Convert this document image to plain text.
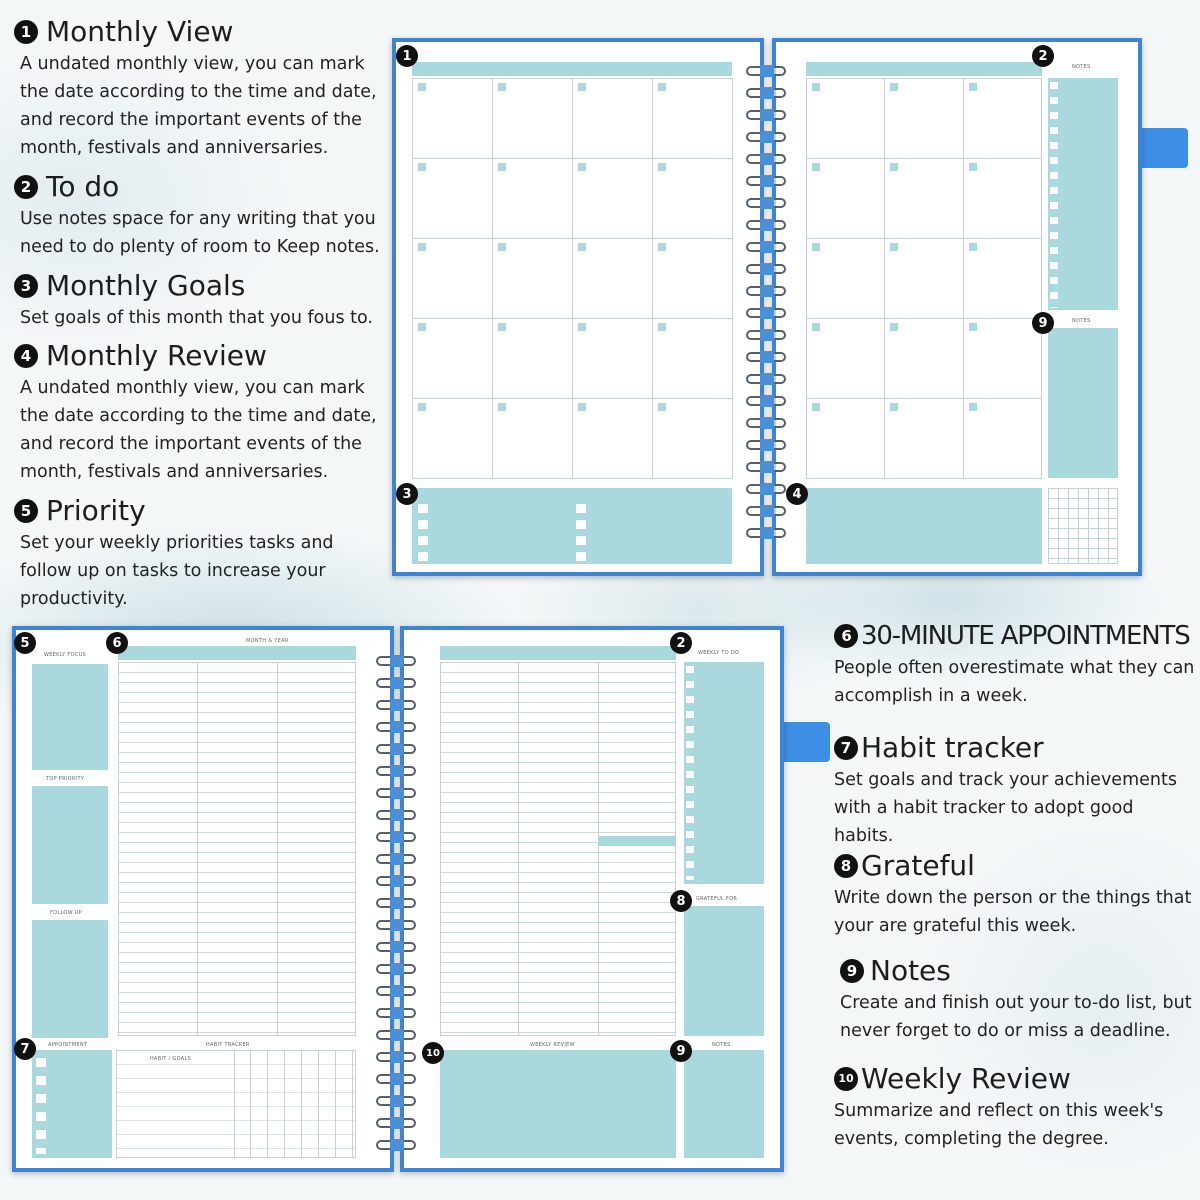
1 Monthly View
A undated monthly view, you can mark the date according to the time and date, and record the important events of the month, festivals and anniversaries.
2 To do
Use notes space for any writing that you need to do plenty of room to Keep notes.
3 Monthly Goals
Set goals of this month that you fous to.
4 Monthly Review
A undated monthly view, you can mark the date according to the time and date, and record the important events of the month, festivals and anniversaries.
5 Priority
Set your weekly priorities tasks and follow up on tasks to increase your productivity.
6 30-MINUTE APPOINTMENTS
People often overestimate what they can accomplish in a week.
7 Habit tracker
Set goals and track your achievements with a habit tracker to adopt good habits.
8 Grateful
Write down the person or the things that your are grateful this week.
9 Notes
Create and finish out your to-do list, but never forget to do or miss a deadline.
10 Weekly Review
Summarize and reflect on this week's events, completing the degree.
NOTES
NOTES
1	2
9
3	4
WEEKLY FOCUS
TOP PRIORITY
FOLLOW UP
MONTH & YEAR
APPOINTMENT	HABIT TRACKER
HABIT / GOALS
WEEKLY TO DO
GRATEFUL FOR
WEEKLY REVIEW	NOTES
5	6	2
8
7	10	9
